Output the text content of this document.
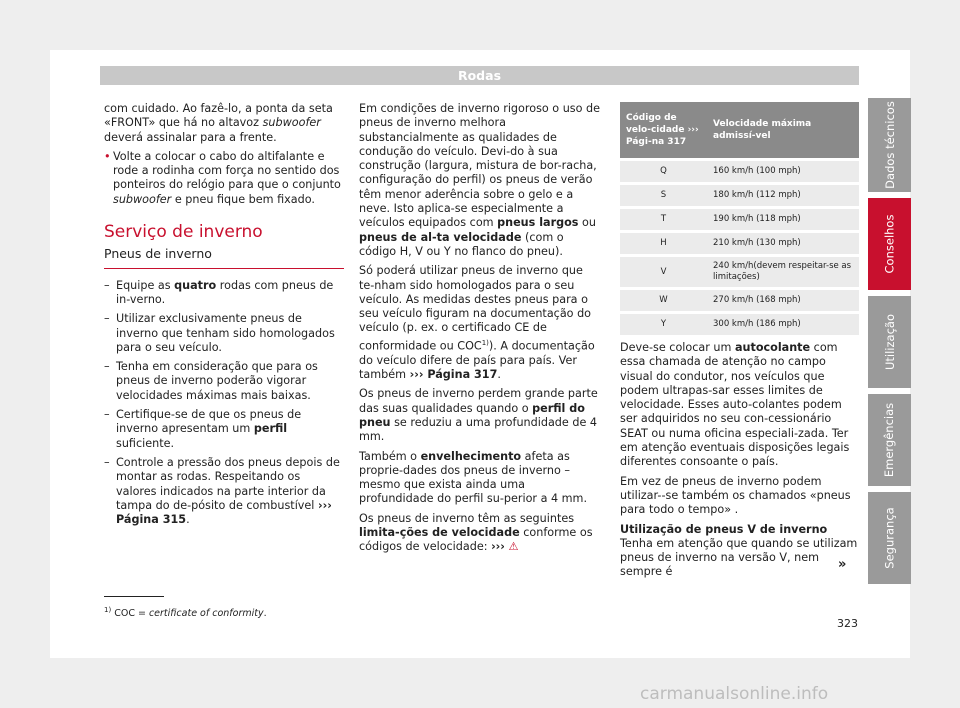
Rodas

com cuidado. Ao fazê-lo, a ponta da seta «FRONT» que há no altavoz subwoofer deverá assinalar para a frente.

• Volte a colocar o cabo do altifalante e rode a rodinha com força no sentido dos ponteiros do relógio para que o conjunto subwoofer e pneu fique bem fixado.
Serviço de inverno
Pneus de inverno
– Equipe as quatro rodas com pneus de in-verno.
– Utilizar exclusivamente pneus de inverno que tenham sido homologados para o seu veículo.
– Tenha em consideração que para os pneus de inverno poderão vigorar velocidades máximas mais baixas.
– Certifique-se de que os pneus de inverno apresentam um perfil suficiente.
– Controle a pressão dos pneus depois de montar as rodas. Respeitando os valores indicados na parte interior da tampa do de-pósito de combustível ››› Página 315.

Em condições de inverno rigoroso o uso de pneus de inverno melhora substancialmente as qualidades de condução do veículo. Devi-do à sua construção (largura, mistura de bor-racha, configuração do perfil) os pneus de verão têm menor aderência sobre o gelo e a neve. Isto aplica-se especialmente a veículos equipados com pneus largos ou pneus de al-ta velocidade (com o código H, V ou Y no flanco do pneu).

Só poderá utilizar pneus de inverno que te-nham sido homologados para o seu veículo. As medidas destes pneus para o seu veículo figuram na documentação do veículo (p. ex. o certificado CE de conformidade ou COC$^{1)}$). A documentação do veículo difere de país para país. Ver também ››› Página 317.

Os pneus de inverno perdem grande parte das suas qualidades quando o perfil do pneu se reduziu a uma profundidade de 4 mm.

Também o envelhecimento afeta as proprie-dades dos pneus de inverno – mesmo que exista ainda uma profundidade do perfil su-perior a 4 mm.

Os pneus de inverno têm as seguintes limita-ções de velocidade conforme os códigos de velocidade: ››› ⚠

Código de velo-cidade ››› Pági-na 317	Velocidade máxima admissí-vel
Q	160 km/h (100 mph)
S	180 km/h (112 mph)
T	190 km/h (118 mph)
H	210 km/h (130 mph)
V	240 km/h(devem respeitar-se as limitações)
W	270 km/h (168 mph)
Y	300 km/h (186 mph)

Deve-se colocar um autocolante com essa chamada de atenção no campo visual do condutor, nos veículos que podem ultrapas-sar esses limites de velocidade. Esses auto-colantes podem ser adquiridos no seu con-cessionário SEAT ou numa oficina especiali-zada. Ter em atenção eventuais disposições legais diferentes consoante o país.

Em vez de pneus de inverno podem utilizar--se também os chamados «pneus para todo o tempo» .

Utilização de pneus V de inverno

Tenha em atenção que quando se utilizam pneus de inverno na versão V, nem sempre é	»
Dados técnicos
Conselhos
Utilização
Emergências
Segurança
$^{1)}$ COC = certificate of conformity.
323
carmanualsonline.info
